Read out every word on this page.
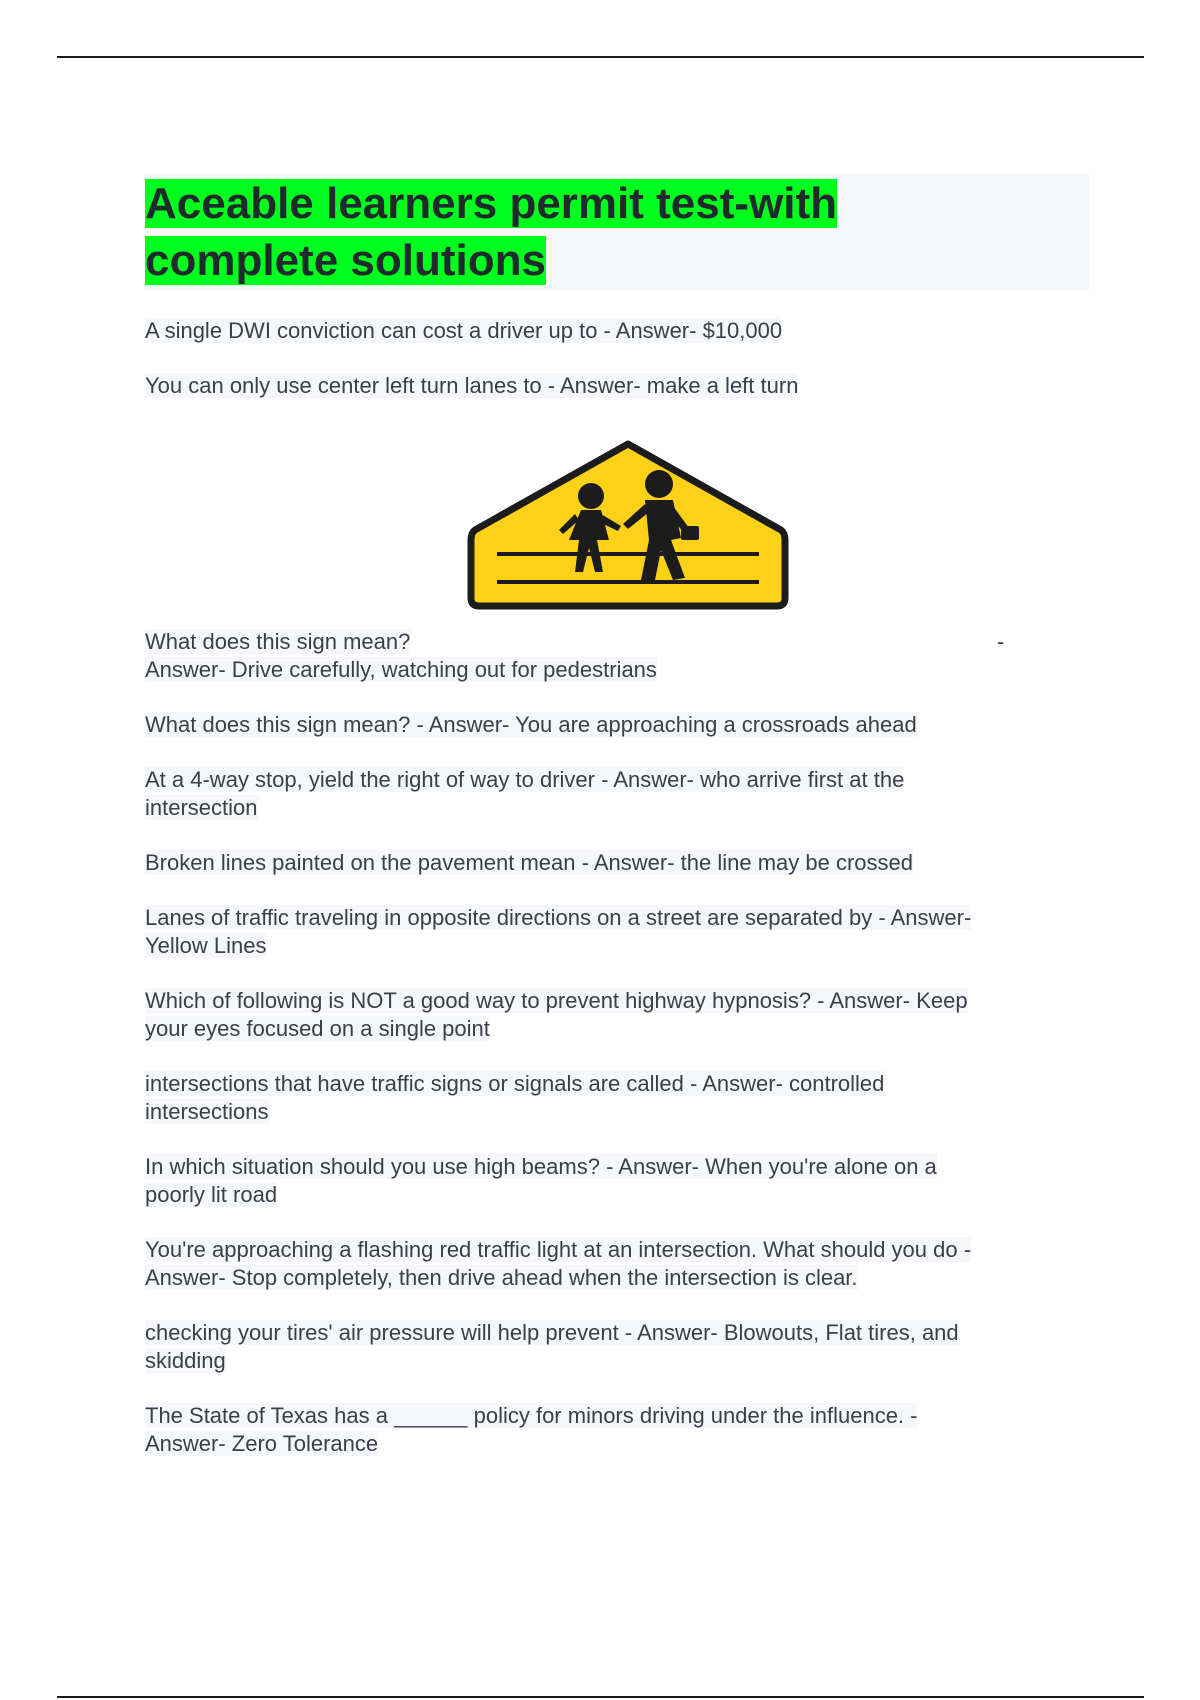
Aceable learners permit test-with
complete solutions

A single DWI conviction can cost a driver up to - Answer- $10,000

You can only use center left turn lanes to - Answer- make a left turn

What does this sign mean?	-

Answer- Drive carefully, watching out for pedestrians

What does this sign mean? - Answer- You are approaching a crossroads ahead

At a 4-way stop, yield the right of way to driver - Answer- who arrive first at the
intersection

Broken lines painted on the pavement mean - Answer- the line may be crossed

Lanes of traffic traveling in opposite directions on a street are separated by - Answer-
Yellow Lines

Which of following is NOT a good way to prevent highway hypnosis? - Answer- Keep
your eyes focused on a single point

intersections that have traffic signs or signals are called - Answer- controlled
intersections

In which situation should you use high beams? - Answer- When you're alone on a
poorly lit road

You're approaching a flashing red traffic light at an intersection. What should you do -
Answer- Stop completely, then drive ahead when the intersection is clear.

checking your tires' air pressure will help prevent - Answer- Blowouts, Flat tires, and
skidding

The State of Texas has a ______ policy for minors driving under the influence. -
Answer- Zero Tolerance
